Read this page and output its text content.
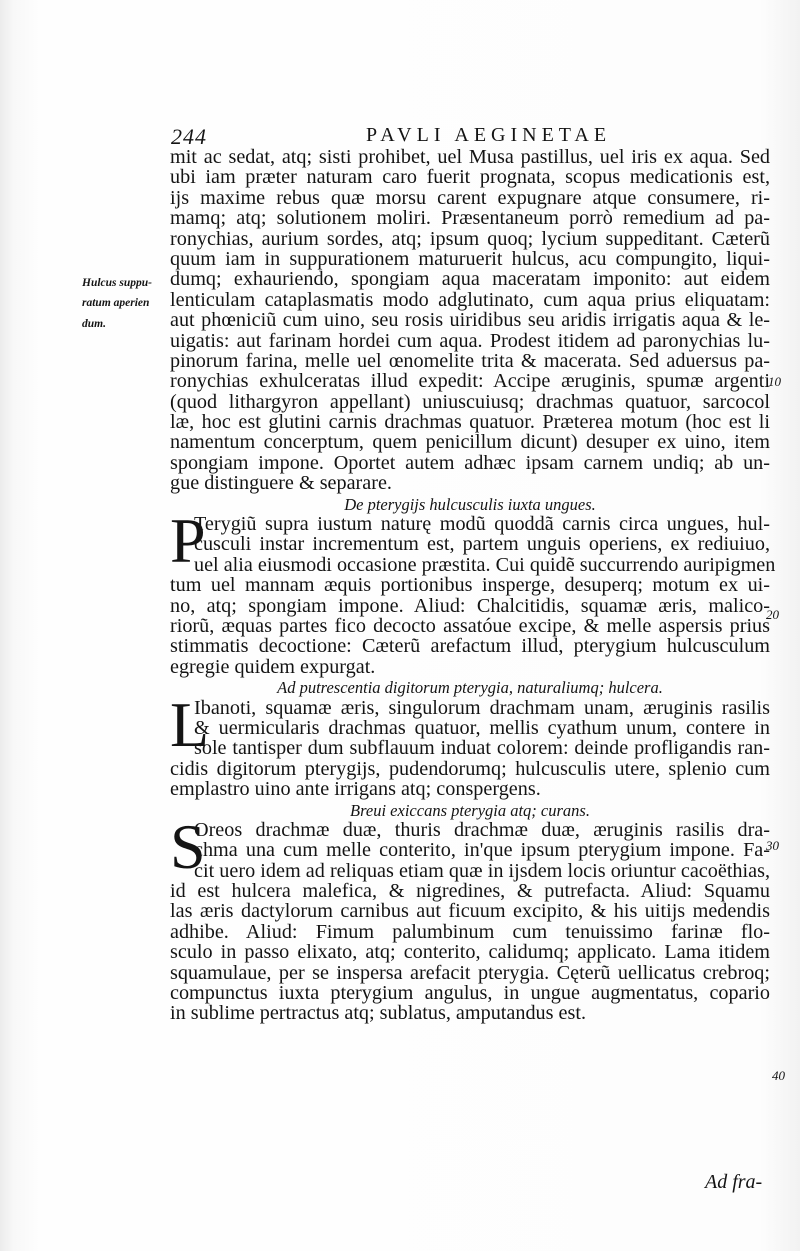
244	PAVLI AEGINETAE
Hulcus suppu-
ratum aperien
dum.
10
20
30
40
mit ac sedat, atq; sisti prohibet, uel Musa pastillus, uel iris ex aqua. Sed
ubi iam præter naturam caro fuerit prognata, scopus medicationis est,
ijs maxime rebus quæ morsu carent expugnare atque consumere, ri-
mamq; atq; solutionem moliri. Præsentaneum porrò remedium ad pa-
ronychias, aurium sordes, atq; ipsum quoq; lycium suppeditant. Cæterũ
quum iam in suppurationem maturuerit hulcus, acu compungito, liqui-
dumq; exhauriendo, spongiam aqua maceratam imponito: aut eidem
lenticulam cataplasmatis modo adglutinato, cum aqua prius eliquatam:
aut phœniciũ cum uino, seu rosis uiridibus seu aridis irrigatis aqua & le-
uigatis: aut farinam hordei cum aqua. Prodest itidem ad paronychias lu-
pinorum farina, melle uel œnomelite trita & macerata. Sed aduersus pa-
ronychias exhulceratas illud expedit: Accipe æruginis, spumæ argenti
(quod lithargyron appellant) uniuscuiusq; drachmas quatuor, sarcocol
læ, hoc est glutini carnis drachmas quatuor. Præterea motum (hoc est li
namentum concerptum, quem penicillum dicunt) desuper ex uino, item
spongiam impone. Oportet autem adhæc ipsam carnem undiq; ab un-
gue distinguere & separare.
De pterygijs hulcusculis iuxta ungues.
P
Terygiũ supra iustum naturę modũ quoddã carnis circa ungues, hul-
cusculi instar incrementum est, partem unguis operiens, ex rediuiuo,
uel alia eiusmodi occasione præstita. Cui quidẽ succurrendo auripigmen
tum uel mannam æquis portionibus insperge, desuperq; motum ex ui-
no, atq; spongiam impone. Aliud: Chalcitidis, squamæ æris, malico-
riorũ, æquas partes fico decocto assatóue excipe, & melle aspersis prius
stimmatis decoctione: Cæterũ arefactum illud, pterygium hulcusculum
egregie quidem expurgat.
Ad putrescentia digitorum pterygia, naturaliumq; hulcera.
L
Ibanoti, squamæ æris, singulorum drachmam unam, æruginis rasilis
& uermicularis drachmas quatuor, mellis cyathum unum, contere in
sole tantisper dum subflauum induat colorem: deinde profligandis ran-
cidis digitorum pterygijs, pudendorumq; hulcusculis utere, splenio cum
emplastro uino ante irrigans atq; conspergens.
Breui exiccans pterygia atq; curans.
S
Oreos drachmæ duæ, thuris drachmæ duæ, æruginis rasilis dra-
chma una cum melle conterito, in'que ipsum pterygium impone. Fa-
cit uero idem ad reliquas etiam quæ in ijsdem locis oriuntur cacoëthias,
id est hulcera malefica, & nigredines, & putrefacta. Aliud: Squamu
las æris dactylorum carnibus aut ficuum excipito, & his uitijs medendis
adhibe. Aliud: Fimum palumbinum cum tenuissimo farinæ flo-
sculo in passo elixato, atq; conterito, calidumq; applicato. Lama itidem
squamulaue, per se inspersa arefacit pterygia. Cęterũ uellicatus crebroq;
compunctus iuxta pterygium angulus, in ungue augmentatus, copario
in sublime pertractus atq; sublatus, amputandus est.
Ad fra-
